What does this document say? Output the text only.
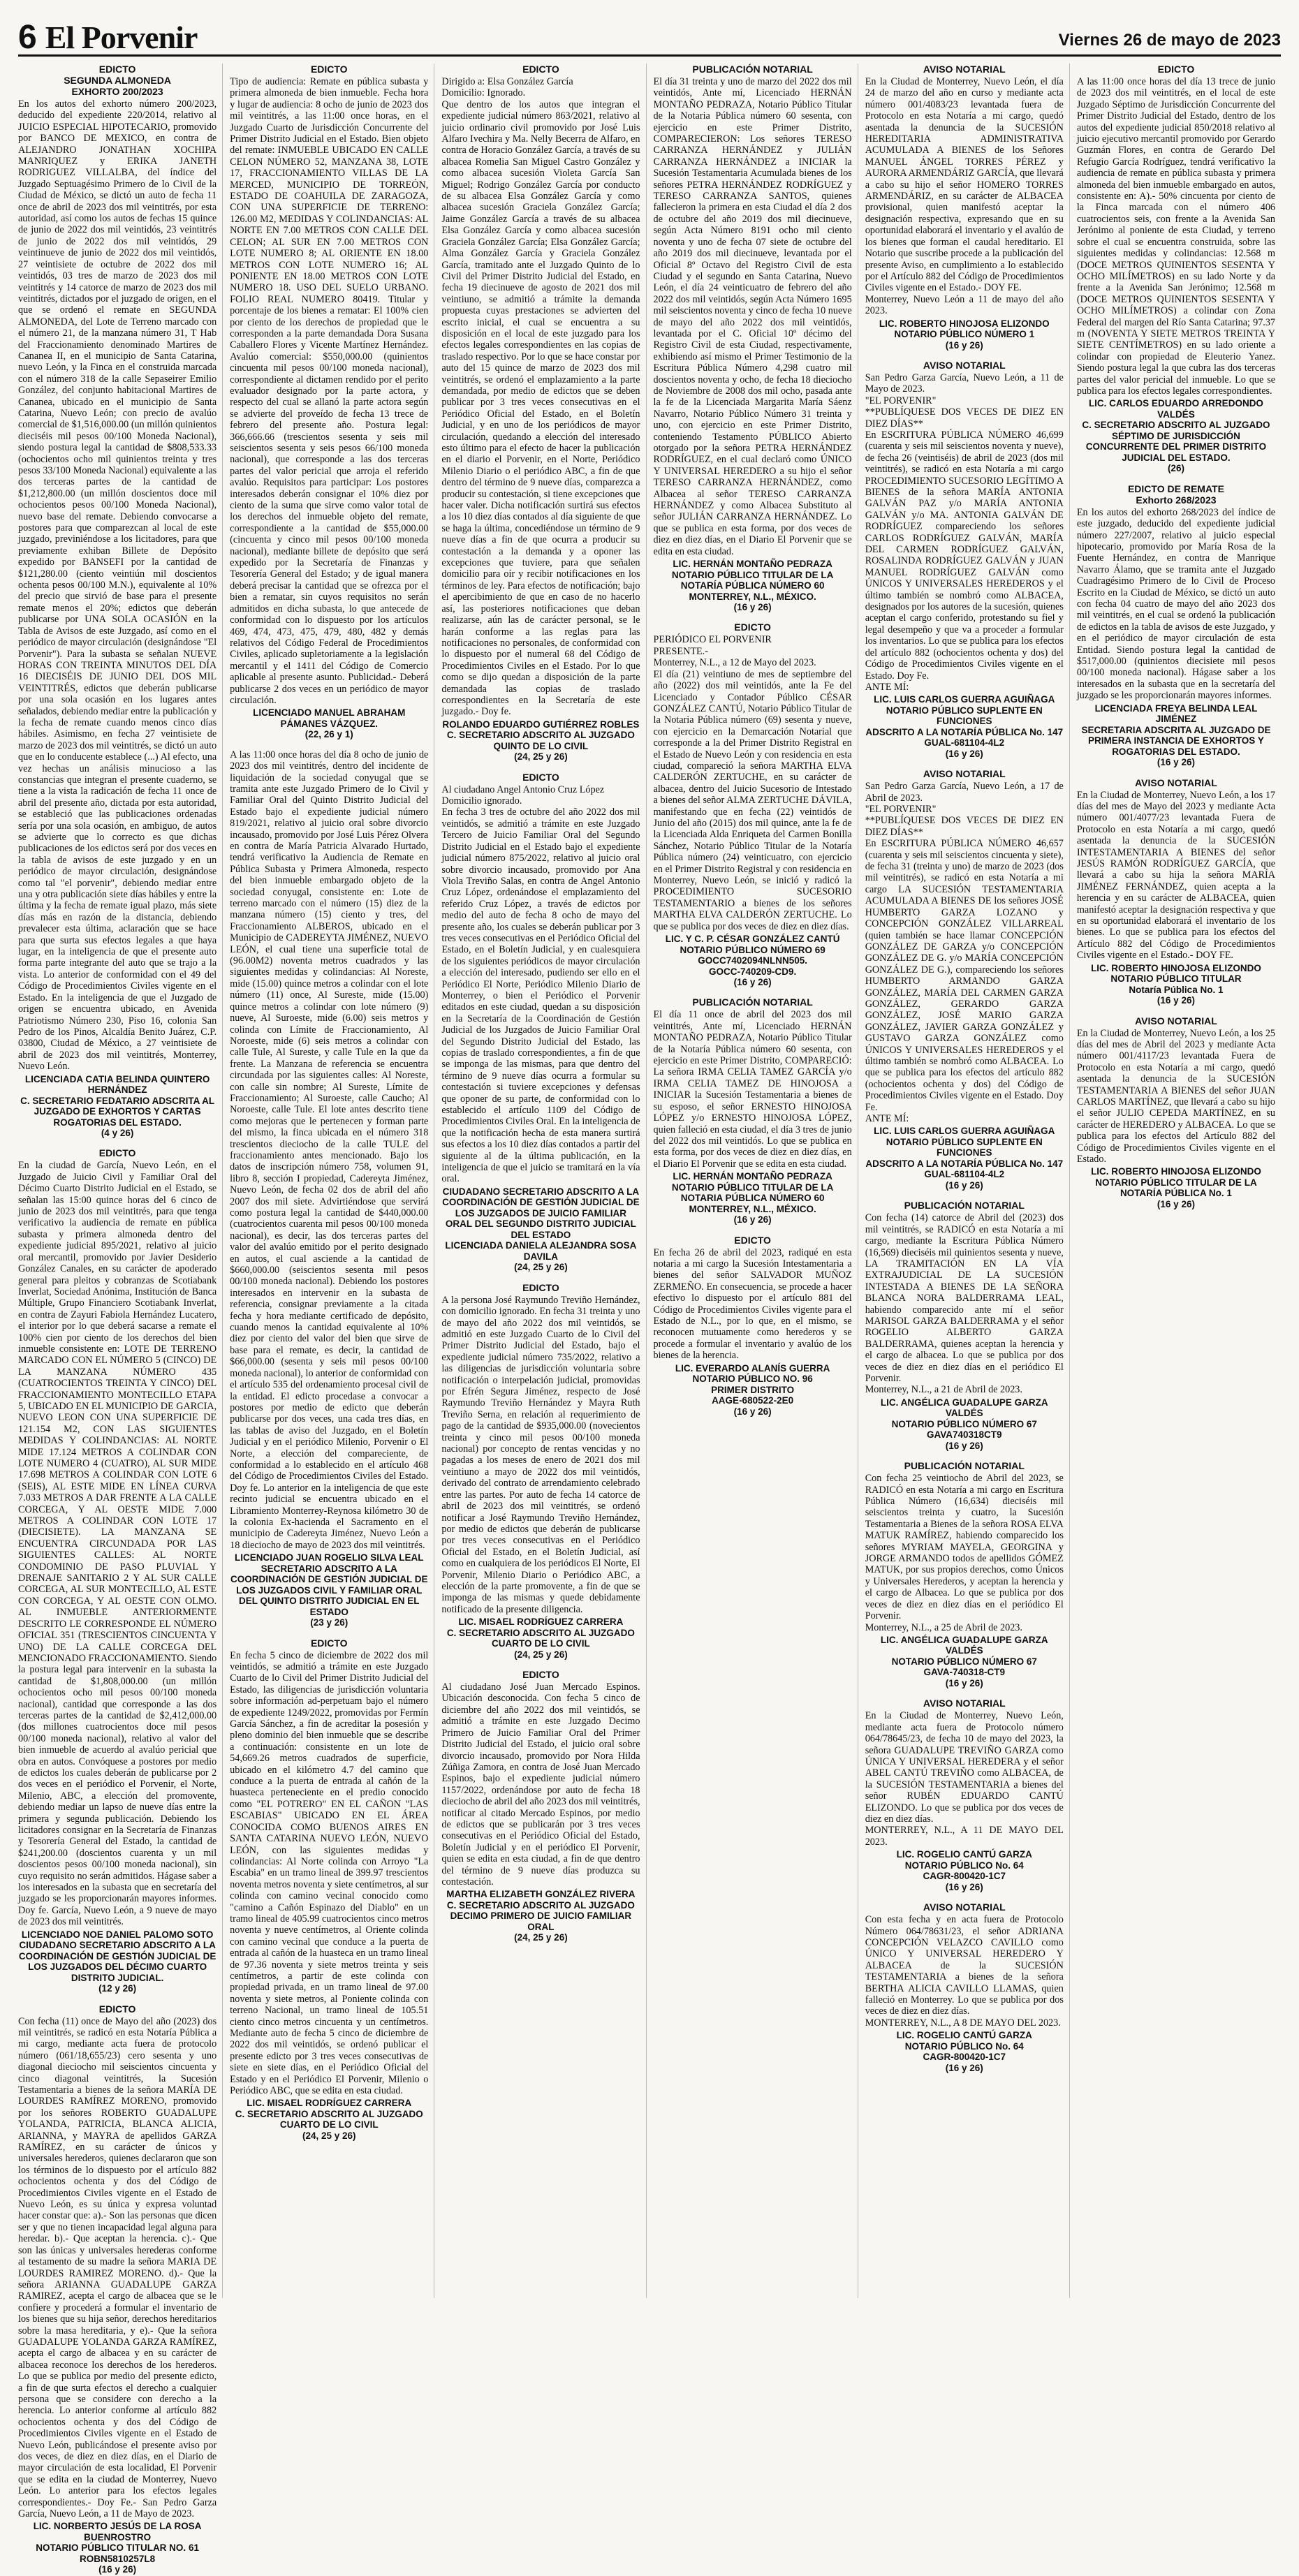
6 El Porvenir	Viernes 26 de mayo de 2023
EDICTO
SEGUNDA ALMONEDA
EXHORTO 200/2023
En los autos del exhorto número 200/2023, deducido del expediente 220/2014, relativo al JUICIO ESPECIAL HIPOTECARIO, promovido por BANCO DE MEXICO, en contra de ALEJANDRO JONATHAN XOCHIPA MANRIQUEZ y ERIKA JANETH RODRIGUEZ VILLALBA, del índice del Juzgado Septuagésimo Primero de lo Civil de la Ciudad de México, se dictó un auto de fecha 11 once de abril de 2023 dos mil veintitrés, por esta autoridad, así como los autos de fechas 15 quince de junio de 2022 dos mil veintidós, 23 veintitrés de junio de 2022 dos mil veintidós, 29 veintinueve de junio de 2022 dos mil veintidós, 27 veintisiete de octubre de 2022 dos mil veintidós, 03 tres de marzo de 2023 dos mil veintitrés y 14 catorce de marzo de 2023 dos mil veintitrés, dictados por el juzgado de origen, en el que se ordenó el remate en SEGUNDA ALMONEDA, del Lote de Terreno marcado con el número 21, de la manzana número 31, T Hab del Fraccionamiento denominado Martires de Cananea II, en el municipio de Santa Catarina, nuevo León, y la Finca en el construida marcada con el número 318 de la calle Sepaseirer Emilio González, del conjunto habitacional Martires de Cananea, ubicado en el municipio de Santa Catarina, Nuevo León; con precio de avalúo comercial de $1,516,000.00 (un millón quinientos dieciséis mil pesos 00/100 Moneda Nacional), siendo postura legal la cantidad de $808,533.33 (ochocientos ocho mil quinientos treinta y tres pesos 33/100 Moneda Nacional) equivalente a las dos terceras partes de la cantidad de $1,212,800.00 (un millón doscientos doce mil ochocientos pesos 00/100 Moneda Nacional), nuevo base del remate. Debiendo convocarse a postores para que comparezcan al local de este juzgado, previniéndose a los licitadores, para que previamente exhiban Billete de Depósito expedido por BANSEFI por la cantidad de $121,280.00 (ciento veintiún mil doscientos ochenta pesos 00/100 M.N.), equivalente al 10% del precio que sirvió de base para el presente remate menos el 20%; edictos que deberán publicarse por UNA SOLA OCASIÓN en la Tabla de Avisos de este Juzgado, así como en el periódico de mayor circulación (designándose "El Porvenir"). Para la subasta se señalan NUEVE HORAS CON TREINTA MINUTOS DEL DÍA 16 DIECISÉIS DE JUNIO DEL DOS MIL VEINTITRÉS, edictos que deberán publicarse por una sola ocasión en los lugares antes señalados, debiendo mediar entre la publicación y la fecha de remate cuando menos cinco días hábiles. Asimismo, en fecha 27 veintisiete de marzo de 2023 dos mil veintitrés, se dictó un auto que en lo conducente establece (...) Al efecto, una vez hechas un análisis minucioso a las constancias que integran el presente cuaderno, se tiene a la vista la radicación de fecha 11 once de abril del presente año, dictada por esta autoridad, se estableció que las publicaciones ordenadas sería por una sola ocasión, en ambiguo, de autos se advierte que lo correcto es que dichas publicaciones de los edictos será por dos veces en la tabla de avisos de este juzgado y en un periódico de mayor circulación, designándose como tal "el porvenir", debiendo mediar entre una y otra publicación siete días hábiles y entre la última y la fecha de remate igual plazo, más siete días más en razón de la distancia, debiendo prevalecer esta última, aclaración que se hace para que surta sus efectos legales a que haya lugar, en la inteligencia de que el presente auto forma parte integrante del auto que se trajo a la vista. Lo anterior de conformidad con el 49 del Código de Procedimientos Civiles vigente en el Estado. En la inteligencia de que el Juzgado de origen se encuentra ubicado, en Avenida Patriotismo Número 230, Piso 16, colonia San Pedro de los Pinos, Alcaldía Benito Juárez, C.P. 03800, Ciudad de México, a 27 veintisiete de abril de 2023 dos mil veintitrés, Monterrey, Nuevo León.
LICENCIADA CATIA BELINDA QUINTERO HERNÁNDEZ
C. SECRETARIO FEDATARIO ADSCRITA AL JUZGADO DE EXHORTOS Y CARTAS ROGATORIAS DEL ESTADO.
(4 y 26)
EDICTO
En la ciudad de García, Nuevo León, en el Juzgado de Juicio Civil y Familiar Oral del Décimo Cuarto Distrito Judicial en el Estado, se señalan las 15:00 quince horas del 6 cinco de junio de 2023 dos mil veintitrés, para que tenga verificativo la audiencia de remate en pública subasta y primera almoneda dentro del expediente judicial 895/2021, relativo al juicio oral mercantil, promovido por Javier Desiderio González Canales, en su carácter de apoderado general para pleitos y cobranzas de Scotiabank Inverlat, Sociedad Anónima, Institución de Banca Múltiple, Grupo Financiero Scotiabank Inverlat, en contra de Zayuri Fabiola Hernández Lucatero, el interior por lo que deberá sacarse a remate el 100% cien por ciento de los derechos del bien inmueble consistente en: LOTE DE TERRENO MARCADO CON EL NÚMERO 5 (CINCO) DE LA MANZANA NÚMERO 435 (CUATROCIENTOS TREINTA Y CINCO) DEL FRACCIONAMIENTO MONTECILLO ETAPA 5, UBICADO EN EL MUNICIPIO DE GARCIA, NUEVO LEON CON UNA SUPERFICIE DE 121.154 M2, CON LAS SIGUIENTES MEDIDAS Y COLINDANCIAS: AL NORTE MIDE 17.124 METROS A COLINDAR CON LOTE NUMERO 4 (CUATRO), AL SUR MIDE 17.698 METROS A COLINDAR CON LOTE 6 (SEIS), AL ESTE MIDE EN LÍNEA CURVA 7.033 METROS A DAR FRENTE A LA CALLE CORCEGA, Y AL OESTE MIDE 7.000 METROS A COLINDAR CON LOTE 17 (DIECISIETE). LA MANZANA SE ENCUENTRA CIRCUNDADA POR LAS SIGUIENTES CALLES: AL NORTE CONDOMINIO DE PASO PLUVIAL Y DRENAJE SANITARIO 2 Y AL SUR CALLE CORCEGA, AL SUR MONTECILLO, AL ESTE CON CORCEGA, Y AL OESTE CON OLMO. AL INMUEBLE ANTERIORMENTE DESCRITO LE CORRESPONDE EL NÚMERO OFICIAL 351 (TRESCIENTOS CINCUENTA Y UNO) DE LA CALLE CORCEGA DEL MENCIONADO FRACCIONAMIENTO. Siendo la postura legal para intervenir en la subasta la cantidad de $1,808,000.00 (un millón ochocientos ocho mil pesos 00/100 moneda nacional), cantidad que corresponde a las dos terceras partes de la cantidad de $2,412,000.00 (dos millones cuatrocientos doce mil pesos 00/100 moneda nacional), relativo al valor del bien inmueble de acuerdo al avalúo pericial que obra en autos. Convóquese a postores por medio de edictos los cuales deberán de publicarse por 2 dos veces en el periódico el Porvenir, el Norte, Milenio, ABC, a elección del promovente, debiendo mediar un lapso de nueve días entre la primera y segunda publicación. Debiendo los licitadores consignar en la Secretaría de Finanzas y Tesorería General del Estado, la cantidad de $241,200.00 (doscientos cuarenta y un mil doscientos pesos 00/100 moneda nacional), sin cuyo requisito no serán admitidos. Hágase saber a los interesados en la subasta que en secretaría del juzgado se les proporcionarán mayores informes. Doy fe. García, Nuevo León, a 9 nueve de mayo de 2023 dos mil veintitrés.
LICENCIADO NOE DANIEL PALOMO SOTO
CIUDADANO SECRETARIO ADSCRITO A LA COORDINACIÓN DE GESTIÓN JUDICIAL DE LOS JUZGADOS DEL DÉCIMO CUARTO DISTRITO JUDICIAL.
(12 y 26)
EDICTO
Con fecha (11) once de Mayo del año (2023) dos mil veintitrés, se radicó en esta Notaría Pública a mi cargo, mediante acta fuera de protocolo número (061/18,655/23) cero sesenta y uno diagonal dieciocho mil seiscientos cincuenta y cinco diagonal veintitrés, la Sucesión Testamentaria a bienes de la señora MARÍA DE LOURDES RAMÍREZ MORENO, promovido por los señores ROBERTO GUADALUPE YOLANDA, PATRICIA, BLANCA ALICIA, ARIANNA, y MAYRA de apellidos GARZA RAMÍREZ, en su carácter de únicos y universales herederos, quienes declararon que son los términos de lo dispuesto por el artículo 882 ochocientos ochenta y dos del Código de Procedimientos Civiles vigente en el Estado de Nuevo León, es su única y expresa voluntad hacer constar que: a).- Son las personas que dicen ser y que no tienen incapacidad legal alguna para heredar. b).- Que aceptan la herencia. c).- Que son las únicas y universales herederas conforme al testamento de su madre la señora MARIA DE LOURDES RAMIREZ MORENO. d).- Que la señora ARIANNA GUADALUPE GARZA RAMIREZ, acepta el cargo de albacea que se le confiere y procederá a formular el inventario de los bienes que su hija señor, derechos hereditarios sobre la masa hereditaria, y e).- Que la señora GUADALUPE YOLANDA GARZA RAMÍREZ, acepta el cargo de albacea y en su carácter de albacea reconoce los derechos de los herederos. Lo que se publica por medio del presente edicto, a fin de que surta efectos el derecho a cualquier persona que se considere con derecho a la herencia. Lo anterior conforme al artículo 882 ochocientos ochenta y dos del Código de Procedimientos Civiles vigente en el Estado de Nuevo León, publicándose el presente aviso por dos veces, de diez en diez días, en el Diario de mayor circulación de esta localidad, El Porvenir que se edita en la ciudad de Monterrey, Nuevo León. Lo anterior para los efectos legales correspondientes.- Doy Fe.- San Pedro Garza García, Nuevo León, a 11 de Mayo de 2023.
LIC. NORBERTO JESÚS DE LA ROSA BUENROSTRO
NOTARIO PÚBLICO TITULAR NO. 61
ROBN5810257L8
(16 y 26)
EDICTO
Tipo de audiencia: Remate en pública subasta y primera almoneda de bien inmueble. Fecha hora y lugar de audiencia: 8 ocho de junio de 2023 dos mil veintitrés, a las 11:00 once horas, en el Juzgado Cuarto de Jurisdicción Concurrente del Primer Distrito Judicial en el Estado. Bien objeto del remate: INMUEBLE UBICADO EN CALLE CELON NÚMERO 52, MANZANA 38, LOTE 17, FRACCIONAMIENTO VILLAS DE LA MERCED, MUNICIPIO DE TORREÓN, ESTADO DE COAHUILA DE ZARAGOZA, CON UNA SUPERFICIE DE TERRENO: 126.00 M2, MEDIDAS Y COLINDANCIAS: AL NORTE EN 7.00 METROS CON CALLE DEL CELON; AL SUR EN 7.00 METROS CON LOTE NUMERO 8; AL ORIENTE EN 18.00 METROS CON LOTE NUMERO 16; AL PONIENTE EN 18.00 METROS CON LOTE NUMERO 18. USO DEL SUELO URBANO. FOLIO REAL NUMERO 80419. Titular y porcentaje de los bienes a rematar: El 100% cien por ciento de los derechos de propiedad que le corresponden a la parte demandada Dora Susana Caballero Flores y Vicente Martínez Hernández. Avalúo comercial: $550,000.00 (quinientos cincuenta mil pesos 00/100 moneda nacional), correspondiente al dictamen rendido por el perito evaluador designado por la parte actora, y respecto del cual se allanó la parte actora según se advierte del proveído de fecha 13 trece de febrero del presente año. Postura legal: 366,666.66 (trescientos sesenta y seis mil seiscientos sesenta y seis pesos 66/100 moneda nacional), que corresponde a las dos terceras partes del valor pericial que arroja el referido avalúo. Requisitos para participar: Los postores interesados deberán consignar el 10% diez por ciento de la suma que sirve como valor total de los derechos del inmueble objeto del remate, correspondiente a la cantidad de $55,000.00 (cincuenta y cinco mil pesos 00/100 moneda nacional), mediante billete de depósito que será expedido por la Secretaría de Finanzas y Tesorería General del Estado; y de igual manera deberá precisar la cantidad que se ofrezca por el bien a rematar, sin cuyos requisitos no serán admitidos en dicha subasta, lo que antecede de conformidad con lo dispuesto por los artículos 469, 474, 473, 475, 479, 480, 482 y demás relativos del Código Federal de Procedimientos Civiles, aplicado supletoriamente a la legislación mercantil y el 1411 del Código de Comercio aplicable al presente asunto. Publicidad.- Deberá publicarse 2 dos veces en un periódico de mayor circulación.
LICENCIADO MANUEL ABRAHAM PÁMANES VÁZQUEZ.
(22, 26 y 1)
A las 11:00 once horas del día 8 ocho de junio de 2023 dos mil veintitrés, dentro del incidente de liquidación de la sociedad conyugal que se tramita ante este Juzgado Primero de lo Civil y Familiar Oral del Quinto Distrito Judicial del Estado bajo el expediente judicial número 819/2021, relativo al juicio oral sobre divorcio incausado, promovido por José Luis Pérez Olvera en contra de María Patricia Alvarado Hurtado, tendrá verificativo la Audiencia de Remate en Pública Subasta y Primera Almoneda, respecto del bien inmueble embargado objeto de la sociedad conyugal, consistente en: Lote de terreno marcado con el número (15) diez de la manzana número (15) ciento y tres, del Fraccionamiento ALBEROS, ubicado en el Municipio de CADEREYTA JIMÉNEZ, NUEVO LEÓN, el cual tiene una superficie total de (96.00M2) noventa metros cuadrados y las siguientes medidas y colindancias: Al Noreste, mide (15.00) quince metros a colindar con el lote número (11) once, Al Sureste, mide (15.00) quince metros a colindar con lote número (9) nueve, Al Suroeste, mide (6.00) seis metros y colinda con Límite de Fraccionamiento, Al Noroeste, mide (6) seis metros a colindar con calle Tule, Al Sureste, y calle Tule en la que da frente. La Manzana de referencia se encuentra circundada por las siguientes calles: Al Noreste, con calle sin nombre; Al Sureste, Límite de Fraccionamiento; Al Suroeste, calle Caucho; Al Noroeste, calle Tule. El lote antes descrito tiene como mejoras que le pertenecen y forman parte del mismo, la finca ubicada en el número 318 trescientos dieciocho de la calle TULE del fraccionamiento antes mencionado. Bajo los datos de inscripción número 758, volumen 91, libro 8, sección I propiedad, Cadereyta Jiménez, Nuevo León, de fecha 02 dos de abril del año 2007 dos mil siete. Advirtiéndose que servirá como postura legal la cantidad de $440,000.00 (cuatrocientos cuarenta mil pesos 00/100 moneda nacional), es decir, las dos terceras partes del valor del avalúo emitido por el perito designado en autos, el cual asciende a la cantidad de $660,000.00 (seiscientos sesenta mil pesos 00/100 moneda nacional). Debiendo los postores interesados en intervenir en la subasta de referencia, consignar previamente a la citada fecha y hora mediante certificado de depósito, cuando menos la cantidad equivalente al 10% diez por ciento del valor del bien que sirve de base para el remate, es decir, la cantidad de $66,000.00 (sesenta y seis mil pesos 00/100 moneda nacional), lo anterior de conformidad con el artículo 535 del ordenamiento procesal civil de la entidad. El edicto procedase a convocar a postores por medio de edicto que deberán publicarse por dos veces, una cada tres días, en las tablas de aviso del Juzgado, en el Boletín Judicial y en el periódico Milenio, Porvenir o El Norte, a elección del compareciente, de conformidad a lo establecido en el artículo 468 del Código de Procedimientos Civiles del Estado. Doy fe. Lo anterior en la inteligencia de que este recinto judicial se encuentra ubicado en el Libramiento Monterrey-Reynosa kilómetro 30 de la colonia Ex-hacienda el Sacramento en el municipio de Cadereyta Jiménez, Nuevo León a 18 dieciocho de mayo de 2023 dos mil veintitrés.
LICENCIADO JUAN ROGELIO SILVA LEAL
SECRETARIO ADSCRITO A LA COORDINACIÓN DE GESTIÓN JUDICIAL DE LOS JUZGADOS CIVIL Y FAMILIAR ORAL DEL QUINTO DISTRITO JUDICIAL EN EL ESTADO
(23 y 26)
EDICTO
En fecha 5 cinco de diciembre de 2022 dos mil veintidós, se admitió a trámite en este Juzgado Cuarto de lo Civil del Primer Distrito Judicial del Estado, las diligencias de jurisdicción voluntaria sobre información ad-perpetuam bajo el número de expediente 1249/2022, promovidas por Fermín García Sánchez, a fin de acreditar la posesión y pleno dominio del bien inmueble que se describe a continuación: consistente en un lote de 54,669.26 metros cuadrados de superficie, ubicado en el kilómetro 4.7 del camino que conduce a la puerta de entrada al cañón de la huasteca perteneciente en el predio conocido como "EL POTRERO" EN EL CAÑON "LAS ESCABIAS" UBICADO EN EL ÁREA CONOCIDA COMO BUENOS AIRES EN SANTA CATARINA NUEVO LEÓN, NUEVO LEÓN, con las siguientes medidas y colindancias: Al Norte colinda con Arroyo "La Escabia" en un tramo lineal de 399.97 trescientos noventa metros noventa y siete centímetros, al sur colinda con camino vecinal conocido como "camino a Cañón Espinazo del Diablo" en un tramo lineal de 405.99 cuatrocientos cinco metros noventa y nueve centímetros, al Oriente colinda con camino vecinal que conduce a la puerta de entrada al cañón de la huasteca en un tramo lineal de 97.36 noventa y siete metros treinta y seis centímetros, a partir de este colinda con propiedad privada, en un tramo lineal de 97.00 noventa y siete metros, al Poniente colinda con terreno Nacional, un tramo lineal de 105.51 ciento cinco metros cincuenta y un centímetros. Mediante auto de fecha 5 cinco de diciembre de 2022 dos mil veintidós, se ordenó publicar el presente edicto por 3 tres veces consecutivas de siete en siete días, en el Periódico Oficial del Estado y en el Periódico El Porvenir, Milenio o Periódico ABC, que se edita en esta ciudad.
LIC. MISAEL RODRÍGUEZ CARRERA
C. SECRETARIO ADSCRITO AL JUZGADO CUARTO DE LO CIVIL
(24, 25 y 26)
EDICTO
Dirigido a: Elsa González García
Domicilio: Ignorado.
Que dentro de los autos que integran el expediente judicial número 863/2021, relativo al juicio ordinario civil promovido por José Luis Alfaro Ivechira y Ma. Nelly Becerra de Alfaro, en contra de Horacio González García, a través de su albacea Romelia San Miguel Castro González y como albacea sucesión Violeta García San Miguel; Rodrigo González García por conducto de su albacea Elsa González García y como albacea sucesión Graciela González García; Jaime González García a través de su albacea Elsa González García y como albacea sucesión Graciela González García; Elsa González García; Alma González García y Graciela González García, tramitado ante el Juzgado Quinto de lo Civil del Primer Distrito Judicial del Estado, en fecha 19 diecinueve de agosto de 2021 dos mil veintiuno, se admitió a trámite la demanda propuesta cuyas prestaciones se advierten del escrito inicial, el cual se encuentra a su disposición en el local de este juzgado para los efectos legales correspondientes en las copias de traslado respectivo. Por lo que se hace constar por auto del 15 quince de marzo de 2023 dos mil veintitrés, se ordenó el emplazamiento a la parte demandada, por medio de edictos que se deben publicar por 3 tres veces consecutivas en el Periódico Oficial del Estado, en el Boletín Judicial, y en uno de los periódicos de mayor circulación, quedando a elección del interesado esto último para el efecto de hacer la publicación en el diario el Porvenir, en el Norte, Periódico Milenio Diario o el periódico ABC, a fin de que dentro del término de 9 nueve días, comparezca a producir su contestación, si tiene excepciones que hacer valer. Dicha notificación surtirá sus efectos a los 10 diez días contados al día siguiente de que se haga la última, concediéndose un término de 9 nueve días a fin de que ocurra a producir su contestación a la demanda y a oponer las excepciones que tuviere, para que señalen domicilio para oír y recibir notificaciones en los términos de ley. Para efectos de notificación; bajo el apercibimiento de que en caso de no hacerlo así, las posteriores notificaciones que deban realizarse, aún las de carácter personal, se le harán conforme a las reglas para las notificaciones no personales, de conformidad con lo dispuesto por el numeral 68 del Código de Procedimientos Civiles en el Estado. Por lo que como se dijo quedan a disposición de la parte demandada las copias de traslado correspondientes en la Secretaría de este juzgado.- Doy fe.
ROLANDO EDUARDO GUTIÉRREZ ROBLES
C. SECRETARIO ADSCRITO AL JUZGADO QUINTO DE LO CIVIL
(24, 25 y 26)
EDICTO
Al ciudadano Angel Antonio Cruz López
Domicilio ignorado.
En fecha 3 tres de octubre del año 2022 dos mil veintidós, se admitió a trámite en este Juzgado Tercero de Juicio Familiar Oral del Segundo Distrito Judicial en el Estado bajo el expediente judicial número 875/2022, relativo al juicio oral sobre divorcio incausado, promovido por Ana Viola Treviño Salas, en contra de Angel Antonio Cruz López, ordenándose el emplazamiento del referido Cruz López, a través de edictos por medio del auto de fecha 8 ocho de mayo del presente año, los cuales se deberán publicar por 3 tres veces consecutivas en el Periódico Oficial del Estado, en el Boletín Judicial, y en cualesquiera de los siguientes periódicos de mayor circulación a elección del interesado, pudiendo ser ello en el Periódico El Norte, Periódico Milenio Diario de Monterrey, o bien el Periódico el Porvenir editados en este ciudad, quedan a su disposición en la Secretaría de la Coordinación de Gestión Judicial de los Juzgados de Juicio Familiar Oral del Segundo Distrito Judicial del Estado, las copias de traslado correspondientes, a fin de que se imponga de las mismas, para que dentro del término de 9 nueve días ocurra a formular su contestación si tuviere excepciones y defensas que oponer de su parte, de conformidad con lo establecido el artículo 1109 del Código de Procedimientos Civiles Oral. En la inteligencia de que la notificación hecha de esta manera surtirá sus efectos a los 10 diez días contados a partir del siguiente al de la última publicación, en la inteligencia de que el juicio se tramitará en la vía oral.
CIUDADANO SECRETARIO ADSCRITO A LA COORDINACIÓN DE GESTIÓN JUDICIAL DE LOS JUZGADOS DE JUICIO FAMILIAR ORAL DEL SEGUNDO DISTRITO JUDICIAL DEL ESTADO
LICENCIADA DANIELA ALEJANDRA SOSA DAVILA
(24, 25 y 26)
EDICTO
A la persona José Raymundo Treviño Hernández, con domicilio ignorado. En fecha 31 treinta y uno de mayo del año 2022 dos mil veintidós, se admitió en este Juzgado Cuarto de lo Civil del Primer Distrito Judicial del Estado, bajo el expediente judicial número 735/2022, relativo a las diligencias de jurisdicción voluntaria sobre notificación o interpelación judicial, promovidas por Efrén Segura Jiménez, respecto de José Raymundo Treviño Hernández y Mayra Ruth Treviño Serna, en relación al requerimiento de pago de la cantidad de $935,000.00 (novecientos treinta y cinco mil pesos 00/100 moneda nacional) por concepto de rentas vencidas y no pagadas a los meses de enero de 2021 dos mil veintiuno a mayo de 2022 dos mil veintidós, derivado del contrato de arrendamiento celebrado entre las partes. Por auto de fecha 14 catorce de abril de 2023 dos mil veintitrés, se ordenó notificar a José Raymundo Treviño Hernández, por medio de edictos que deberán de publicarse por tres veces consecutivas en el Periódico Oficial del Estado, en el Boletín Judicial, así como en cualquiera de los periódicos El Norte, El Porvenir, Milenio Diario o Periódico ABC, a elección de la parte promovente, a fin de que se imponga de las mismas y quede debidamente notificado de la presente diligencia.
LIC. MISAEL RODRÍGUEZ CARRERA
C. SECRETARIO ADSCRITO AL JUZGADO CUARTO DE LO CIVIL
(24, 25 y 26)
EDICTO
Al ciudadano José Juan Mercado Espinos. Ubicación desconocida. Con fecha 5 cinco de diciembre del año 2022 dos mil veintidós, se admitió a trámite en este Juzgado Decimo Primero de Juicio Familiar Oral del Primer Distrito Judicial del Estado, el juicio oral sobre divorcio incausado, promovido por Nora Hilda Zúñiga Zamora, en contra de José Juan Mercado Espinos, bajo el expediente judicial número 1157/2022, ordenándose por auto de fecha 18 dieciocho de abril del año 2023 dos mil veintitrés, notificar al citado Mercado Espinos, por medio de edictos que se publicarán por 3 tres veces consecutivas en el Periódico Oficial del Estado, Boletín Judicial y en el periódico El Porvenir, quien se edita en esta ciudad, a fin de que dentro del término de 9 nueve días produzca su contestación.
MARTHA ELIZABETH GONZÁLEZ RIVERA
C. SECRETARIO ADSCRITO AL JUZGADO DECIMO PRIMERO DE JUICIO FAMILIAR ORAL
(24, 25 y 26)
PUBLICACIÓN NOTARIAL
El día 31 treinta y uno de marzo del 2022 dos mil veintidós, Ante mí, Licenciado HERNÁN MONTAÑO PEDRAZA, Notario Público Titular de la Notaria Pública número 60 sesenta, con ejercicio en este Primer Distrito, COMPARECIERON: Los señores TERESO CARRANZA HERNÁNDEZ y JULIÁN CARRANZA HERNÁNDEZ a INICIAR la Sucesión Testamentaria Acumulada bienes de los señores PETRA HERNÁNDEZ RODRÍGUEZ y TERESO CARRANZA SANTOS, quienes fallecieron la primera en esta Ciudad el día 2 dos de octubre del año 2019 dos mil diecinueve, según Acta Número 8191 ocho mil ciento noventa y uno de fecha 07 siete de octubre del año 2019 dos mil diecinueve, levantada por el Oficial 8º Octavo del Registro Civil de esta Ciudad y el segundo en Santa Catarina, Nuevo León, el día 24 veinticuatro de febrero del año 2022 dos mil veintidós, según Acta Número 1695 mil seiscientos noventa y cinco de fecha 10 nueve de mayo del año 2022 dos mil veintidós, levantada por el C. Oficial 10º décimo del Registro Civil de esta Ciudad, respectivamente, exhibiendo así mismo el Primer Testimonio de la Escritura Pública Número 4,298 cuatro mil doscientos noventa y ocho, de fecha 18 dieciocho de Noviembre de 2008 dos mil ocho, pasada ante la fe de la Licenciada Margarita María Sáenz Navarro, Notario Público Número 31 treinta y uno, con ejercicio en este Primer Distrito, conteniendo Testamento PÚBLICO Abierto otorgado por la señora PETRA HERNÁNDEZ RODRÍGUEZ, en el cual declaró como ÚNICO Y UNIVERSAL HEREDERO a su hijo el señor TERESO CARRANZA HERNÁNDEZ, como Albacea al señor TERESO CARRANZA HERNÁNDEZ y como Albacea Substituto al señor JULIÁN CARRANZA HERNÁNDEZ. Lo que se publica en esta forma, por dos veces de diez en diez días, en el Diario El Porvenir que se edita en esta ciudad.
LIC. HERNÁN MONTAÑO PEDRAZA
NOTARIO PÚBLICO TITULAR DE LA NOTARÍA PÚBLICA NÚMERO 60
MONTERREY, N.L., MÉXICO.
(16 y 26)
EDICTO
PERIÓDICO EL PORVENIR
PRESENTE.-
Monterrey, N.L., a 12 de Mayo del 2023.
El día (21) veintiuno de mes de septiembre del año (2022) dos mil veintidós, ante la Fe del Licenciado y Contador Público CÉSAR GONZÁLEZ CANTÚ, Notario Público Titular de la Notaria Pública número (69) sesenta y nueve, con ejercicio en la Demarcación Notarial que corresponde a la del Primer Distrito Registral en el Estado de Nuevo León y con residencia en esta ciudad, compareció la señora MARTHA ELVA CALDERÓN ZERTUCHE, en su carácter de albacea, dentro del Juicio Sucesorio de Intestado a bienes del señor ALMA ZERTUCHE DÁVILA, manifestando que en fecha (22) veintidós de Junio del año (2015) dos mil quince, ante la fe de la Licenciada Alda Enriqueta del Carmen Bonilla Sánchez, Notario Público Titular de la Notaría Pública número (24) veinticuatro, con ejercicio en el Primer Distrito Registral y con residencia en Monterrey, Nuevo León, se inició y radicó la PROCEDIMIENTO SUCESORIO TESTAMENTARIO a bienes de los señores MARTHA ELVA CALDERÓN ZERTUCHE. Lo que se publica por dos veces de diez en diez días.
LIC. Y C. P. CÉSAR GONZÁLEZ CANTÚ
NOTARIO PÚBLICO NÚMERO 69
GOCC7402094NLNN505.
GOCC-740209-CD9.
(16 y 26)
PUBLICACIÓN NOTARIAL
El día 11 once de abril del 2023 dos mil veintitrés, Ante mí, Licenciado HERNÁN MONTAÑO PEDRAZA, Notario Público Titular de la Notaría Pública número 60 sesenta, con ejercicio en este Primer Distrito, COMPARECIÓ: La señora IRMA CELIA TAMEZ GARCÍA y/o IRMA CELIA TAMEZ DE HINOJOSA a INICIAR la Sucesión Testamentaria a bienes de su esposo, el señor ERNESTO HINOJOSA LÓPEZ y/o ERNESTO HINOJOSA LÓPEZ, quien falleció en esta ciudad, el día 3 tres de junio del 2022 dos mil veintidós. Lo que se publica en esta forma, por dos veces de diez en diez días, en el Diario El Porvenir que se edita en esta ciudad.
LIC. HERNÁN MONTAÑO PEDRAZA
NOTARIO PÚBLICO TITULAR DE LA NOTARIA PÚBLICA NÚMERO 60
MONTERREY, N.L., MÉXICO.
(16 y 26)
EDICTO
En fecha 26 de abril del 2023, radiqué en esta notaria a mi cargo la Sucesión Intestamentaria a bienes del señor SALVADOR MUÑOZ ZERMEÑO. En consecuencia, se procede a hacer efectivo lo dispuesto por el artículo 881 del Código de Procedimientos Civiles vigente para el Estado de N.L., por lo que, en el mismo, se reconocen mutuamente como herederos y se procede a formular el inventario y avalúo de los bienes de la herencia.
LIC. EVERARDO ALANÍS GUERRA
NOTARIO PÚBLICO NO. 96
PRIMER DISTRITO
AAGE-680522-2E0
(16 y 26)
AVISO NOTARIAL
En la Ciudad de Monterrey, Nuevo León, el día 24 de marzo del año en curso y mediante acta número 001/4083/23 levantada fuera de Protocolo en esta Notaría a mi cargo, quedó asentada la denuncia de la SUCESIÓN HEREDITARIA ADMINISTRATIVA ACUMULADA A BIENES de los Señores MANUEL ÁNGEL TORRES PÉREZ y AURORA ARMENDÁRIZ GARCÍA, que llevará a cabo su hijo el señor HOMERO TORRES ARMENDÁRIZ, en su carácter de ALBACEA provisional, quien manifestó aceptar la designación respectiva, expresando que en su oportunidad elaborará el inventario y el avalúo de los bienes que forman el caudal hereditario. El Notario que suscribe procede a la publicación del presente Aviso, en cumplimiento a lo establecido por el Artículo 882 del Código de Procedimientos Civiles vigente en el Estado.- DOY FE.
Monterrey, Nuevo León a 11 de mayo del año 2023.
LIC. ROBERTO HINOJOSA ELIZONDO
NOTARIO PÚBLICO NÚMERO 1
(16 y 26)
AVISO NOTARIAL
San Pedro Garza García, Nuevo León, a 11 de Mayo de 2023.
"EL PORVENIR"
**PUBLÍQUESE DOS VECES DE DIEZ EN DIEZ DÍAS**
En ESCRITURA PÚBLICA NÚMERO 46,699 (cuarenta y seis mil seiscientos noventa y nueve), de fecha 26 (veintiséis) de abril de 2023 (dos mil veintitrés), se radicó en esta Notaría a mi cargo PROCEDIMIENTO SUCESORIO LEGÍTIMO A BIENES de la señora MARÍA ANTONIA GALVÁN PAZ y/o MARÍA ANTONIA GALVÁN y/o MA. ANTONIA GALVÁN DE RODRÍGUEZ compareciendo los señores CARLOS RODRÍGUEZ GALVÁN, MARÍA DEL CARMEN RODRÍGUEZ GALVÁN, ROSALINDA RODRÍGUEZ GALVÁN y JUAN MANUEL RODRÍGUEZ GALVÁN como ÚNICOS Y UNIVERSALES HEREDEROS y el último también se nombró como ALBACEA, designados por los autores de la sucesión, quienes aceptan el cargo conferido, protestando su fiel y legal desempeño y que va a proceder a formular los inventarios. Lo que se publica para los efectos del artículo 882 (ochocientos ochenta y dos) del Código de Procedimientos Civiles vigente en el Estado. Doy Fe.
ANTE MÍ:
LIC. LUIS CARLOS GUERRA AGUIÑAGA
NOTARIO PÚBLICO SUPLENTE EN FUNCIONES
ADSCRITO A LA NOTARÍA PÚBLICA No. 147
GUAL-681104-4L2
(16 y 26)
AVISO NOTARIAL
San Pedro Garza García, Nuevo León, a 17 de Abril de 2023.
"EL PORVENIR"
**PUBLÍQUESE DOS VECES DE DIEZ EN DIEZ DÍAS**
En ESCRITURA PÚBLICA NÚMERO 46,657 (cuarenta y seis mil seiscientos cincuenta y siete), de fecha 31 (treinta y uno) de marzo de 2023 (dos mil veintitrés), se radicó en esta Notaría a mi cargo LA SUCESIÓN TESTAMENTARIA ACUMULADA A BIENES DE los señores JOSÉ HUMBERTO GARZA LOZANO y CONCEPCIÓN GONZÁLEZ VILLARREAL (quien también se hace llamar CONCEPCIÓN GONZÁLEZ DE GARZA y/o CONCEPCIÓN GONZÁLEZ DE G. y/o MARÍA CONCEPCIÓN GONZÁLEZ DE G.), compareciendo los señores HUMBERTO ARMANDO GARZA GONZÁLEZ, MARÍA DEL CARMEN GARZA GONZÁLEZ, GERARDO GARZA GONZÁLEZ, JOSÉ MARIO GARZA GONZÁLEZ, JAVIER GARZA GONZÁLEZ y GUSTAVO GARZA GONZÁLEZ como ÚNICOS Y UNIVERSALES HEREDEROS y el último también se nombró como ALBACEA. Lo que se publica para los efectos del artículo 882 (ochocientos ochenta y dos) del Código de Procedimientos Civiles vigente en el Estado. Doy Fe.
ANTE MÍ:
LIC. LUIS CARLOS GUERRA AGUIÑAGA
NOTARIO PÚBLICO SUPLENTE EN FUNCIONES
ADSCRITO A LA NOTARÍA PÚBLICA No. 147
GUAL-681104-4L2
(16 y 26)
PUBLICACIÓN NOTARIAL
Con fecha (14) catorce de Abril del (2023) dos mil veintitrés, se RADICÓ en esta Notaría a mi cargo, mediante la Escritura Pública Número (16,569) dieciséis mil quinientos sesenta y nueve, LA TRAMITACIÓN EN LA VÍA EXTRAJUDICIAL DE LA SUCESIÓN INTESTADA A BIENES DE LA SEÑORA BLANCA NORA BALDERRAMA LEAL, habiendo comparecido ante mí el señor MARISOL GARZA BALDERRAMA y el señor ROGELIO ALBERTO GARZA BALDERRAMA, quienes aceptan la herencia y el cargo de albacea. Lo que se publica por dos veces de diez en diez días en el periódico El Porvenir.
Monterrey, N.L., a 21 de Abril de 2023.
LIC. ANGÉLICA GUADALUPE GARZA VALDÉS
NOTARIO PÚBLICO NÚMERO 67
GAVA740318CT9
(16 y 26)
PUBLICACIÓN NOTARIAL
Con fecha 25 veintiocho de Abril del 2023, se RADICÓ en esta Notaría a mi cargo en Escritura Pública Número (16,634) dieciséis mil seiscientos treinta y cuatro, la Sucesión Testamentaria a Bienes de la señora ROSA ELVA MATUK RAMÍREZ, habiendo comparecido los señores MYRIAM MAYELA, GEORGINA y JORGE ARMANDO todos de apellidos GÓMEZ MATUK, por sus propios derechos, como Únicos y Universales Herederos, y aceptan la herencia y el cargo de Albacea. Lo que se publica por dos veces de diez en diez días en el periódico El Porvenir.
Monterrey, N.L., a 25 de Abril de 2023.
LIC. ANGÉLICA GUADALUPE GARZA VALDÉS
NOTARIO PÚBLICO NÚMERO 67
GAVA-740318-CT9
(16 y 26)
AVISO NOTARIAL
En la Ciudad de Monterrey, Nuevo León, mediante acta fuera de Protocolo número 064/78645/23, de fecha 10 de mayo del 2023, la señora GUADALUPE TREVIÑO GARZA como ÚNICA Y UNIVERSAL HEREDERA y el señor ABEL CANTÚ TREVIÑO como ALBACEA, de la SUCESIÓN TESTAMENTARIA a bienes del señor RUBÉN EDUARDO CANTÚ ELIZONDO. Lo que se publica por dos veces de diez en diez días.
MONTERREY, N.L., A 11 DE MAYO DEL 2023.
LIC. ROGELIO CANTÚ GARZA
NOTARIO PÚBLICO No. 64
CAGR-800420-1C7
(16 y 26)
AVISO NOTARIAL
Con esta fecha y en acta fuera de Protocolo Número 064/78631/23, el señor ADRIANA CONCEPCIÓN VELAZCO CAVILLO como ÚNICO Y UNIVERSAL HEREDERO Y ALBACEA de la SUCESIÓN TESTAMENTARIA a bienes de la señora BERTHA ALICIA CAVILLO LLAMAS, quien falleció en Monterrey. Lo que se publica por dos veces de diez en diez días.
MONTERREY, N.L., A 8 DE MAYO DEL 2023.
LIC. ROGELIO CANTÚ GARZA
NOTARIO PÚBLICO No. 64
CAGR-800420-1C7
(16 y 26)
EDICTO
A las 11:00 once horas del día 13 trece de junio de 2023 dos mil veintitrés, en el local de este Juzgado Séptimo de Jurisdicción Concurrente del Primer Distrito Judicial del Estado, dentro de los autos del expediente judicial 850/2018 relativo al juicio ejecutivo mercantil promovido por Gerardo Guzmán Flores, en contra de Gerardo Del Refugio García Rodríguez, tendrá verificativo la audiencia de remate en pública subasta y primera almoneda del bien inmueble embargado en autos, consistente en: A).- 50% cincuenta por ciento de la Finca marcada con el número 406 cuatrocientos seis, con frente a la Avenida San Jerónimo al poniente de esta Ciudad, y terreno sobre el cual se encuentra construida, sobre las siguientes medidas y colindancias: 12.568 m (DOCE METROS QUINIENTOS SESENTA Y OCHO MILÍMETROS) en su lado Norte y da frente a la Avenida San Jerónimo; 12.568 m (DOCE METROS QUINIENTOS SESENTA Y OCHO MILÍMETROS) a colindar con Zona Federal del margen del Río Santa Catarina; 97.37 m (NOVENTA Y SIETE METROS TREINTA Y SIETE CENTÍMETROS) en su lado oriente a colindar con propiedad de Eleuterio Yanez. Siendo postura legal la que cubra las dos terceras partes del valor pericial del inmueble. Lo que se publica para los efectos legales correspondientes.
LIC. CARLOS EDUARDO ARREDONDO VALDÉS
C. SECRETARIO ADSCRITO AL JUZGADO SÉPTIMO DE JURISDICCIÓN CONCURRENTE DEL PRIMER DISTRITO JUDICIAL DEL ESTADO.
(26)
EDICTO DE REMATE
Exhorto 268/2023
En los autos del exhorto 268/2023 del índice de este juzgado, deducido del expediente judicial número 227/2007, relativo al juicio especial hipotecario, promovido por María Rosa de la Fuente Hernández, en contra de Manrique Navarro Álamo, que se tramita ante el Juzgado Cuadragésimo Primero de lo Civil de Proceso Escrito en la Ciudad de México, se dictó un auto con fecha 04 cuatro de mayo del año 2023 dos mil veintitrés, en el cual se ordenó la publicación de edictos en la tabla de avisos de este Juzgado, y en el periódico de mayor circulación de esta Entidad. Siendo postura legal la cantidad de $517,000.00 (quinientos diecisiete mil pesos 00/100 moneda nacional). Hágase saber a los interesados en la subasta que en la secretaría del juzgado se les proporcionarán mayores informes.
LICENCIADA FREYA BELINDA LEAL JIMÉNEZ
SECRETARIA ADSCRITA AL JUZGADO DE PRIMERA INSTANCIA DE EXHORTOS Y ROGATORIAS DEL ESTADO.
(16 y 26)
AVISO NOTARIAL
En la Ciudad de Monterrey, Nuevo León, a los 17 días del mes de Mayo del 2023 y mediante Acta número 001/4077/23 levantada Fuera de Protocolo en esta Notaría a mi cargo, quedó asentada la denuncia de la SUCESIÓN INTESTAMENTARIA A BIENES del señor JESÚS RAMÓN RODRÍGUEZ GARCÍA, que llevará a cabo su hija la señora MARÍA JIMÉNEZ FERNÁNDEZ, quien acepta a la herencia y en su carácter de ALBACEA, quien manifestó aceptar la designación respectiva y que en su oportunidad elaborará el inventario de los bienes. Lo que se publica para los efectos del Artículo 882 del Código de Procedimientos Civiles vigente en el Estado.- DOY FE.
LIC. ROBERTO HINOJOSA ELIZONDO
NOTARIO PÚBLICO TITULAR
Notaría Pública No. 1
(16 y 26)
AVISO NOTARIAL
En la Ciudad de Monterrey, Nuevo León, a los 25 días del mes de Abril del 2023 y mediante Acta número 001/4117/23 levantada Fuera de Protocolo en esta Notaría a mi cargo, quedó asentada la denuncia de la SUCESIÓN TESTAMENTARIA A BIENES del señor JUAN CARLOS MARTÍNEZ, que llevará a cabo su hijo el señor JULIO CEPEDA MARTÍNEZ, en su carácter de HEREDERO y ALBACEA. Lo que se publica para los efectos del Artículo 882 del Código de Procedimientos Civiles vigente en el Estado.
LIC. ROBERTO HINOJOSA ELIZONDO
NOTARIO PÚBLICO TITULAR DE LA
NOTARÍA PÚBLICA No. 1
(16 y 26)
